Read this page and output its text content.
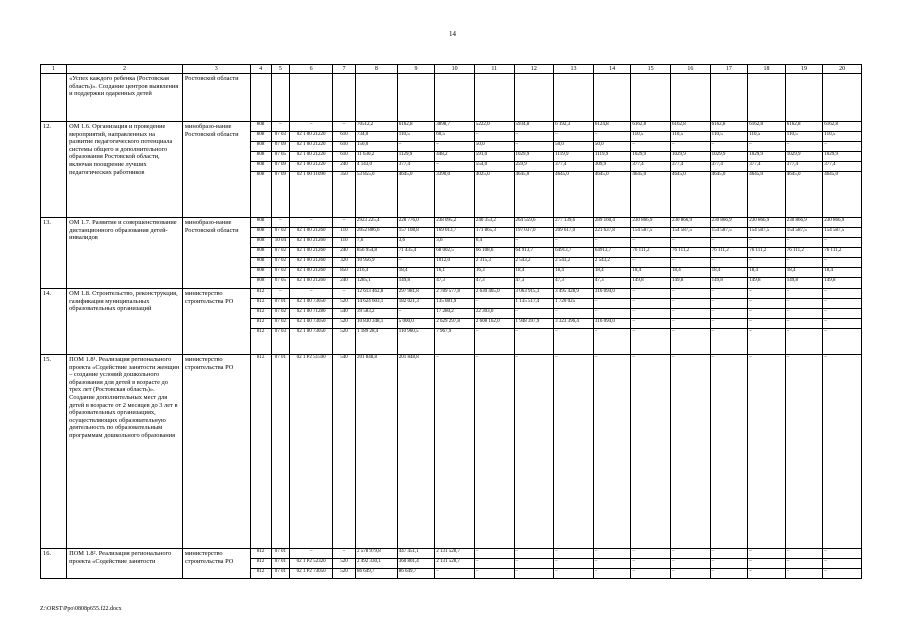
14
1	2	3	4	5	6	7	8	9	10	11	12	13	14	15	16	17	18	19	20
	«Успех каждого ребенка (Ростовская область)». Создание центров выявления и поддержки одаренных детей	Ростовской области																	
12.	ОМ 1.6. Организация и проведение мероприятий, направленных на развитие педагогического потенциала системы общего и дополнительного образования Ростовской области, включая поощрение лучших педагогических работников	минобразо-вание Ростовской области	808	–	–	–	70512,2	6162,8	3898,7	5222,0	5934,8	6 192,3	6124,8	6162,8	6162,8	6162,8	6162,8	6162,8	6162,8
			808	07 03	02 1 00 21220	610	734,0	110,5	60,5	–	–	–	–	110,5	110,5	110,5	110,5	110,5	110,5
			808	07 09	02 1 00 21220	610	150,0	–	–	50,0	–	50,0	50,0	–	–	–	–	–	–
			808	07 05	02 1 00 21220	610	11 630,2	1129,9	448,2	591,0	1029,9	1119,9	1119,9	1029,9	1029,9	1029,9	1029,9	1029,9	1029,9
			808	07 09	02 1 00 21220	240	4 143,0	377,4	–	554,0	259,9	377,4	309,9	377,4	377,4	377,4	377,4	377,4	377,4
			808	07 09	02 1 00 11090	350	53 855,0	4645,0	3390,0	4025,0	4645,0	4645,0	4645,0	4645,0	4645,0	4645,0	4645,0	4645,0	4645,0
13.	ОМ 1.7. Развитие и совершенствование дистанционного образования детей-инвалидов	минобразо-вание Ростовской области	808	–	–	–	2923 225,4	228 776,0	238 095,2	240 353,2	264 559,6	277 139,6	289 160,4	230 866,9	230 866,9	230 866,9	230 866,9	230 866,9	230 866,9
			808	07 02	02 1 00 21260	110	2052 806,6	157 108,8	169 013,7	171 865,3	197 037,0	209 617,0	221 637,8	154 587,5	154 587,5	154 587,5	154 587,5	154 587,5	154 587,5
			808	10 04	02 1 00 21260	110	7,6	3,6	3,6	0,4	–	–	–	–	–	–	–	–	–
			808	07 02	02 1 00 21260	240	856 954,8	71 435,4	68 002,5	66 108,6	64 913,7	64913,7	64913,7	76 111,2	76 111,2	76 111,2	76 111,2	76 111,2	76 111,2
			808	07 02	02 1 00 21260	320	10 956,9	–	1012,0	2 315,3	2 543,2	2 543,2	2 543,2	–	–	–	–	–	–
			808	07 02	02 1 00 21260	850	216,4	18,4	16,1	16,3	18,4	18,4	18,4	18,4	18,4	18,4	18,4	18,4	18,4
			808	07 05	02 1 00 21260	240	1285,1	149,8	47,3	47,3	47,3	47,3	47,3	149,8	149,8	149,8	149,8	149,8	149,8
14.	ОМ 1.8. Строительство, реконструкция, газификация муниципальных образовательных организаций	министерство строительства РО	812	–	–	–	12 613 462,8	297 981,8	2 789 577,8	2 630 465,0	3 063 915,3	3 495 428,9	316 094,0	–	–	–	–	–	–
			812	07 01	02 1 00 73050	520	14 624 603,1	182 021,3	135 081,9	–	1 135 517,4	1 720 025	–	–	–	–	–	–	–
			812	07 02	02 1 00 71280	540	39 583,2	–	17 280,2	22 303,0	–	–	–	–	–	–	–	–	–
			812	07 02	02 1 00 73050	520	10 830 348,1	5 000,0	2 629 297,8	2 608 162,0	1 948 397,9	3 323 396,4	316 094,0	–	–	–	–	–	–
			812	07 03	02 1 00 73050	520	1 189 28,4	110 960,5	7 967,9	–	–	–	–	–	–	–	–	–	–
15.	ПОМ 1.8¹. Реализация регионального проекта «Содействие занятости женщин – создание условий дошкольного образования для детей в возрасте до трех лет (Ростовская область)». Создание дополнительных мест для детей в возрасте от 2 месяцев до 3 лет в образовательных организациях, осуществляющих образовательную деятельность по образовательным программам дошкольного образования	министерство строительства РО	812	07 01	02 1 P2 51590	540	201 848,8	201 848,8	–	–	–	–	–	–	–	–	–	–	–
16.	ПОМ 1.8². Реализация регионального проекта «Содействие занятости	министерство строительства РО	812	07 01	–	–	2 578 979,8	447 451,1	2 131 528,7	–	–	–	–	–	–	–	–	–	–
			812	07 01	02 1 P2 52320	520	2 492 330,1	360 801,4	2 131 528,7	–	–	–	–	–	–	–	–	–	–
			812	07 01	02 1 P2 73050	520	86 649,7	86 649,7	–	–	–	–	–	–	–	–	–	–	–
Z:\ORST\Ppo\0808p655.f22.docx
